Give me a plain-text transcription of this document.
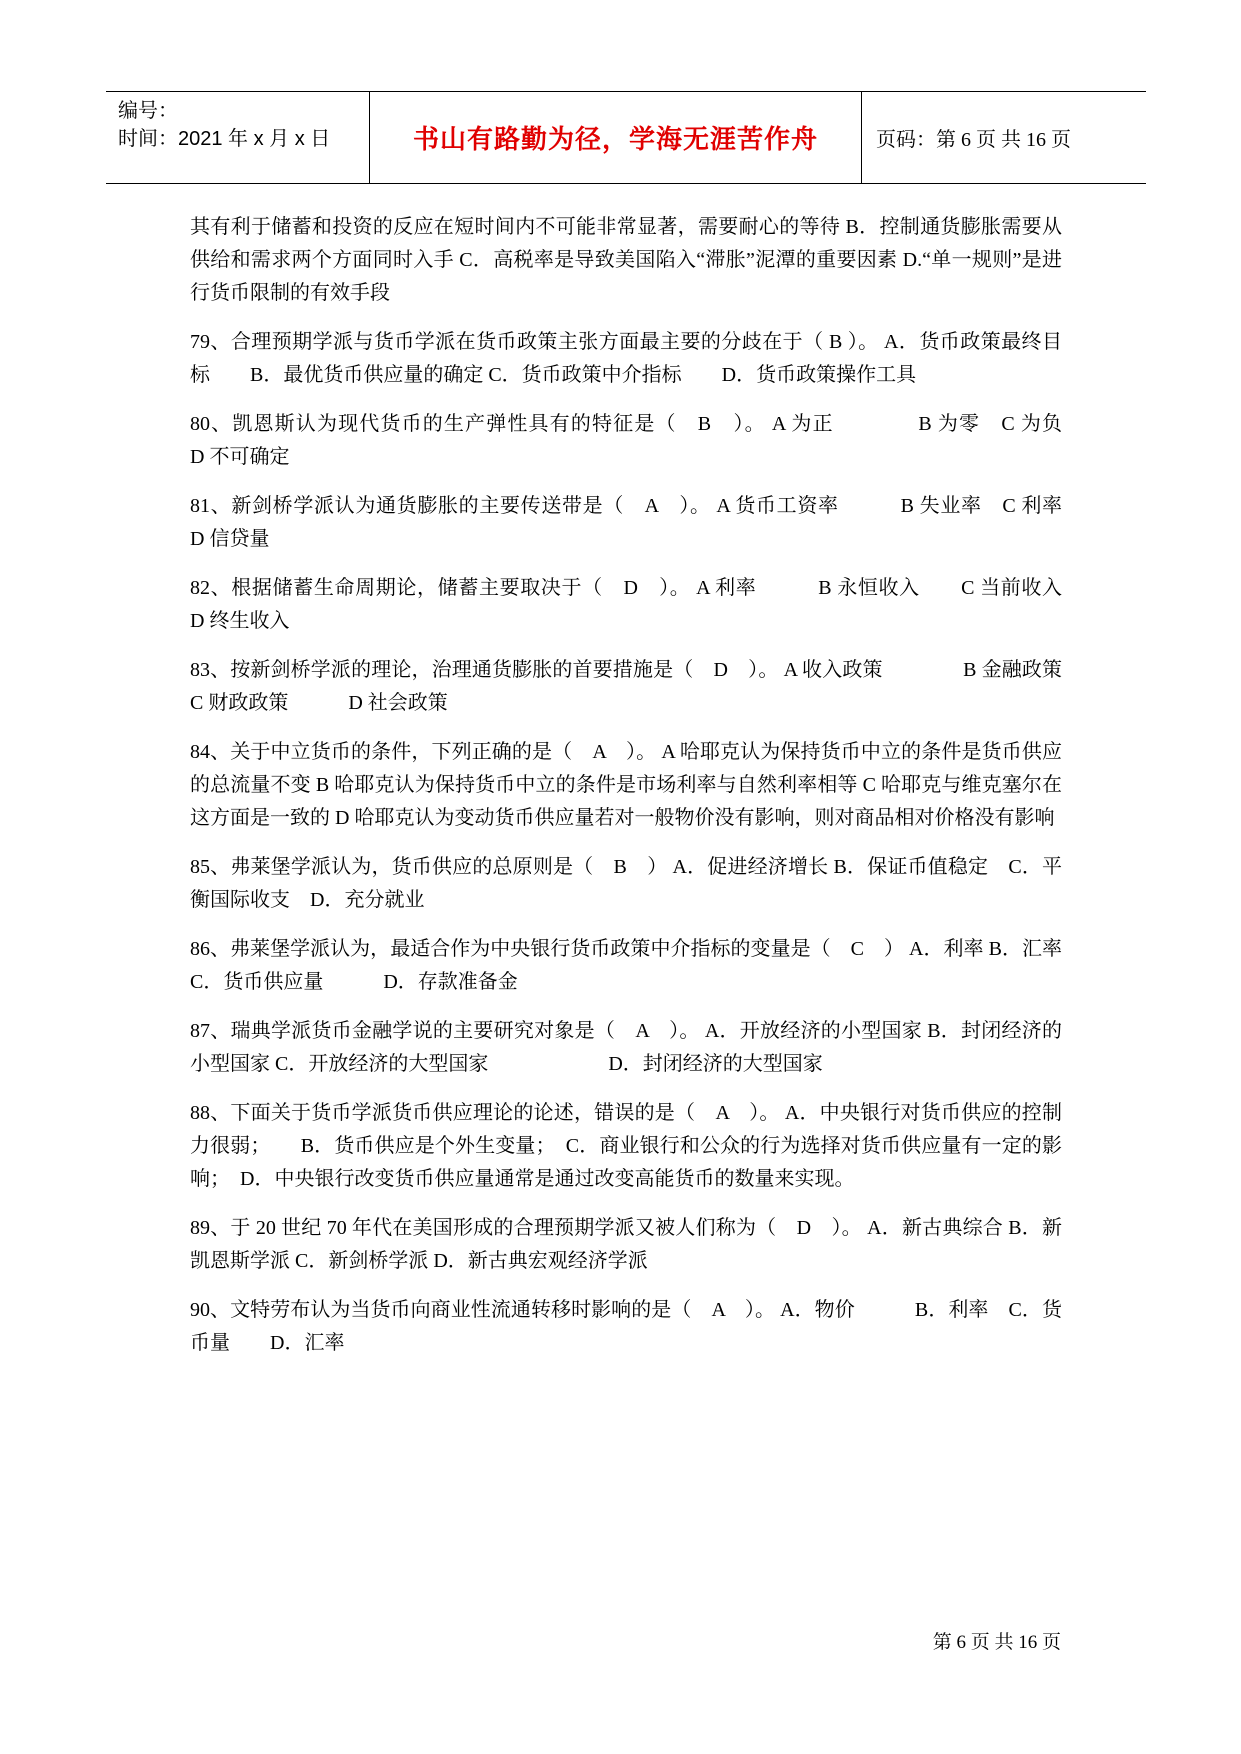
编号：
时间：2021 年 x 月 x 日	书山有路勤为径，学海无涯苦作舟	页码：第 6 页 共 16 页

其有利于储蓄和投资的反应在短时间内不可能非常显著，需要耐心的等待 B．控制通货膨胀需要从供给和需求两个方面同时入手 C．高税率是导致美国陷入“滞胀”泥潭的重要因素 D.“单一规则”是进行货币限制的有效手段

79、合理预期学派与货币学派在货币政策主张方面最主要的分歧在于（ B ）。 A．货币政策最终目标　　B．最优货币供应量的确定 C．货币政策中介指标　　D．货币政策操作工具

80、凯恩斯认为现代货币的生产弹性具有的特征是（　B　）。 A 为正　　　　B 为零　C 为负　　　　D 不可确定

81、新剑桥学派认为通货膨胀的主要传送带是（　A　）。 A 货币工资率　　　B 失业率　C 利率　　　　D 信贷量

82、根据储蓄生命周期论，储蓄主要取决于（　D　）。 A 利率　　　B 永恒收入　　C 当前收入　　D 终生收入

83、按新剑桥学派的理论，治理通货膨胀的首要措施是（　D　）。 A 收入政策　　　　B 金融政策　　　C 财政政策　　　D 社会政策

84、关于中立货币的条件，下列正确的是（　A　）。 A 哈耶克认为保持货币中立的条件是货币供应的总流量不变 B 哈耶克认为保持货币中立的条件是市场利率与自然利率相等 C 哈耶克与维克塞尔在这方面是一致的 D 哈耶克认为变动货币供应量若对一般物价没有影响，则对商品相对价格没有影响

85、弗莱堡学派认为，货币供应的总原则是（　B　） A．促进经济增长 B．保证币值稳定　C．平衡国际收支　D．充分就业

86、弗莱堡学派认为，最适合作为中央银行货币政策中介指标的变量是（　C　） A．利率 B．汇率　　C．货币供应量　　　D．存款准备金

87、瑞典学派货币金融学说的主要研究对象是（　A　）。 A．开放经济的小型国家 B．封闭经济的小型国家 C．开放经济的大型国家　　　　　　D．封闭经济的大型国家

88、下面关于货币学派货币供应理论的论述，错误的是（　A　）。 A．中央银行对货币供应的控制力很弱；　　B．货币供应是个外生变量；　C．商业银行和公众的行为选择对货币供应量有一定的影响；　D．中央银行改变货币供应量通常是通过改变高能货币的数量来实现。

89、于 20 世纪 70 年代在美国形成的合理预期学派又被人们称为（　D　）。 A．新古典综合 B．新凯恩斯学派 C．新剑桥学派 D．新古典宏观经济学派

90、文特劳布认为当货币向商业性流通转移时影响的是（　A　）。 A．物价　　　B．利率　C．货币量　　D．汇率

第 6 页 共 16 页
